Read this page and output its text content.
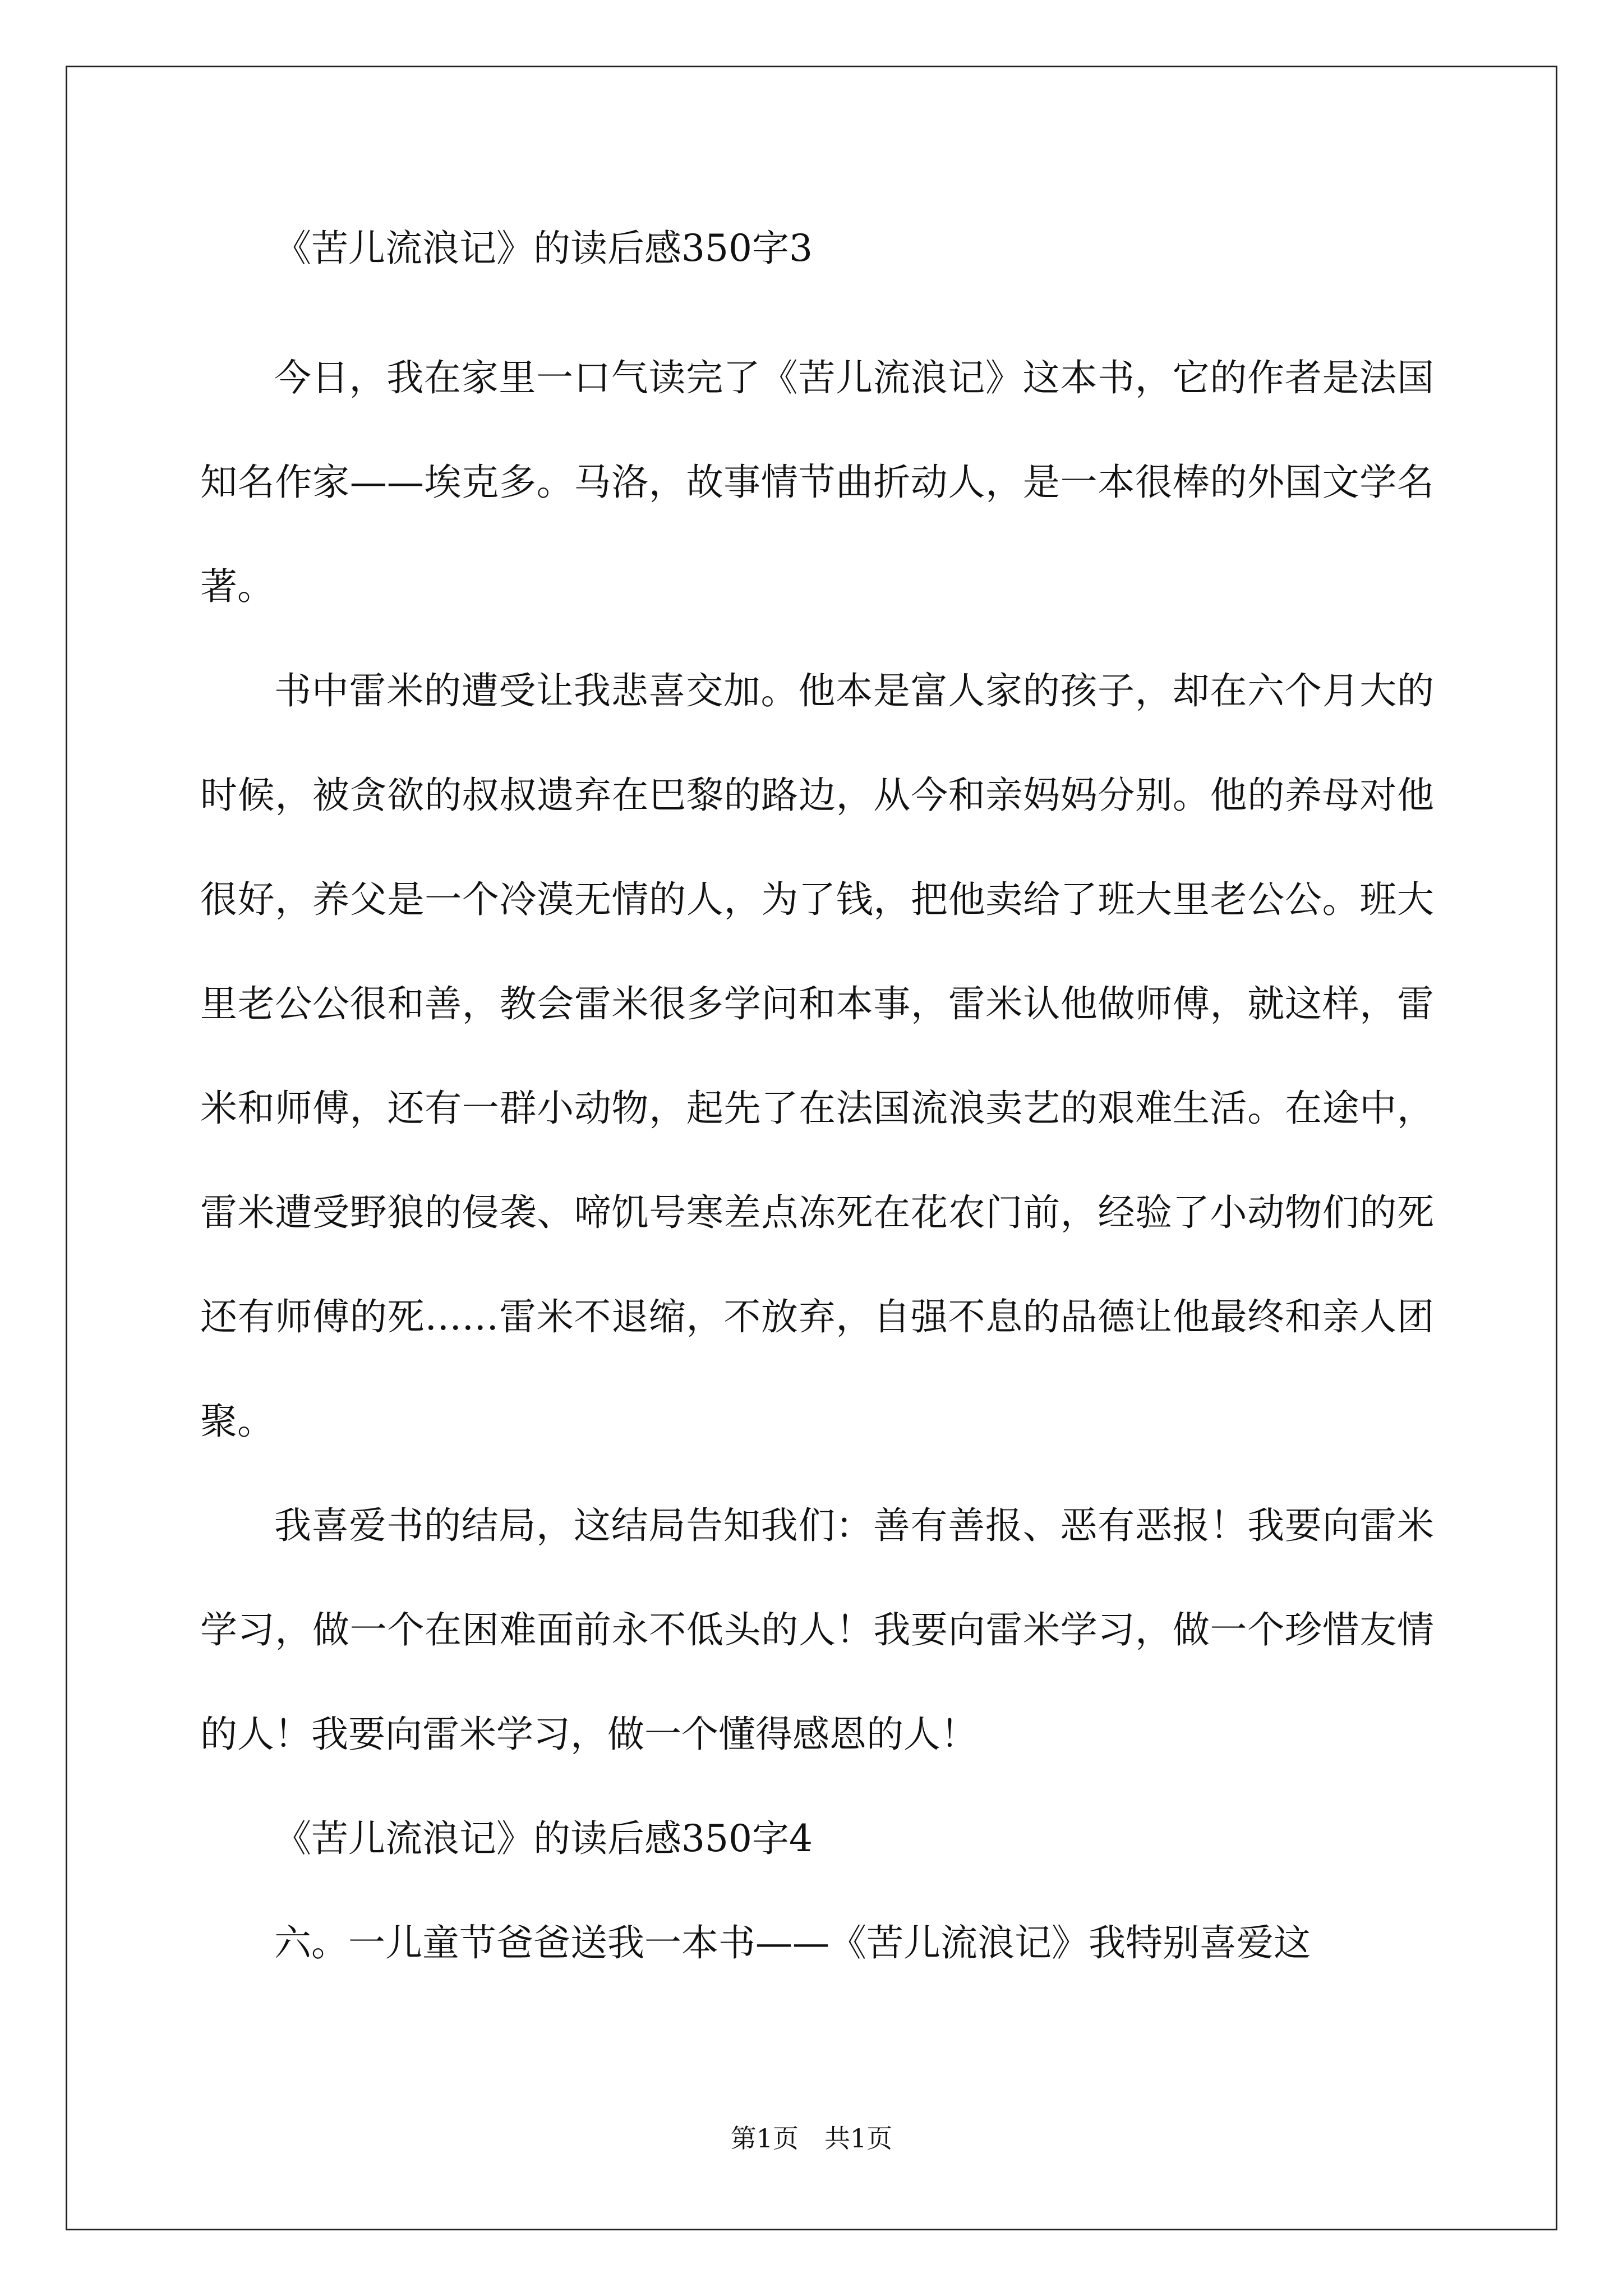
《苦儿流浪记》的读后感350字3

今日，我在家里一口气读完了《苦儿流浪记》这本书，它的作者是法国知名作家——埃克多。马洛，故事情节曲折动人，是一本很棒的外国文学名著。

书中雷米的遭受让我悲喜交加。他本是富人家的孩子，却在六个月大的时候，被贪欲的叔叔遗弃在巴黎的路边，从今和亲妈妈分别。他的养母对他很好，养父是一个冷漠无情的人，为了钱，把他卖给了班大里老公公。班大里老公公很和善，教会雷米很多学问和本事，雷米认他做师傅，就这样，雷米和师傅，还有一群小动物，起先了在法国流浪卖艺的艰难生活。在途中，雷米遭受野狼的侵袭、啼饥号寒差点冻死在花农门前，经验了小动物们的死还有师傅的死……雷米不退缩，不放弃，自强不息的品德让他最终和亲人团聚。

我喜爱书的结局，这结局告知我们：善有善报、恶有恶报！我要向雷米学习，做一个在困难面前永不低头的人！我要向雷米学习，做一个珍惜友情的人！我要向雷米学习，做一个懂得感恩的人！

《苦儿流浪记》的读后感350字4

六。一儿童节爸爸送我一本书——《苦儿流浪记》我特别喜爱这

第1页　共1页
